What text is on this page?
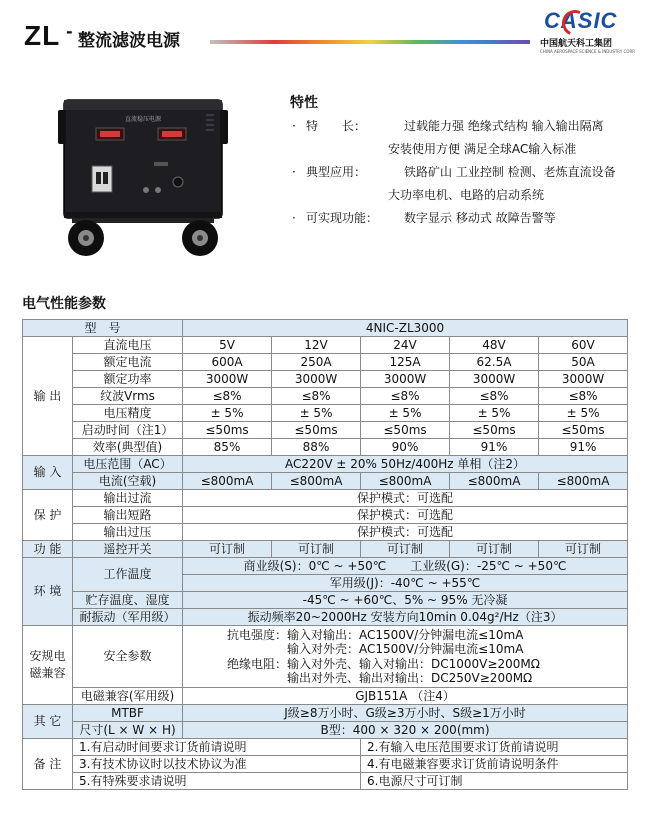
ZL - 整流滤波电源
CASIC
中国航天科工集团
CHINA AEROSPACE SCIENCE & INDUSTRY CORP.
直流稳压电源
特性
· 特　　长：	过载能力强 绝缘式结构 输入输出隔离
安装使用方便 满足全球AC输入标准
· 典型应用：	铁路矿山 工业控制 检测、老炼直流设备
大功率电机、电路的启动系统
· 可实现功能： 数字显示 移动式 故障告警等
电气性能参数
型　号		4NIC-ZL3000				
输 出	直流电压	5V	12V	24V	48V	60V
	额定电流	600A	250A	125A	62.5A	50A
	额定功率	3000W	3000W	3000W	3000W	3000W
	纹波Vrms	≤8%	≤8%	≤8%	≤8%	≤8%
	电压精度	± 5%	± 5%	± 5%	± 5%	± 5%
	启动时间（注1）	≤50ms	≤50ms	≤50ms	≤50ms	≤50ms
	效率(典型值)	85%	88%	90%	91%	91%
输 入	电压范围（AC）	AC220V ± 20% 50Hz/400Hz 单相（注2）				
	电流(空载)	≤800mA	≤800mA	≤800mA	≤800mA	≤800mA
保 护	输出过流	保护模式：可选配				
	输出短路	保护模式：可选配				
	输出过压	保护模式：可选配				
功 能	遥控开关	可订制	可订制	可订制	可订制	可订制
环 境	工作温度	商业级(S)：0℃ ~ +50℃　　工业级(G)：-25℃ ~ +50℃				
		军用级(J)：-40℃ ~ +55℃				
	贮存温度、湿度	-45℃ ~ +60℃、5% ~ 95% 无冷凝				
	耐振动（军用级）	振动频率20~2000Hz 安装方向10min 0.04g²/Hz（注3）				
安规电磁兼容	安全参数	抗电强度：输入对输出：AC1500V/分钟漏电流≤10mA
　　　　　输入对外壳：AC1500V/分钟漏电流≤10mA
绝缘电阻：输入对外壳、输入对输出：DC1000V≥200MΩ
　　　　　输出对外壳、输出对输出：DC250V≥200MΩ				

	电磁兼容(军用级)	GJB151A （注4）				
其 它	MTBF	J级≥8万小时、G级≥3万小时、S级≥1万小时				
	尺寸(L × W × H)	B型：400 × 320 × 200(mm)				
备 注	1.有启动时间要求订货前请说明			2.有输入电压范围要求订货前请说明		
	3.有技术协议时以技术协议为准			4.有电磁兼容要求订货前请说明条件		
	5.有特殊要求请说明			6.电源尺寸可订制		
